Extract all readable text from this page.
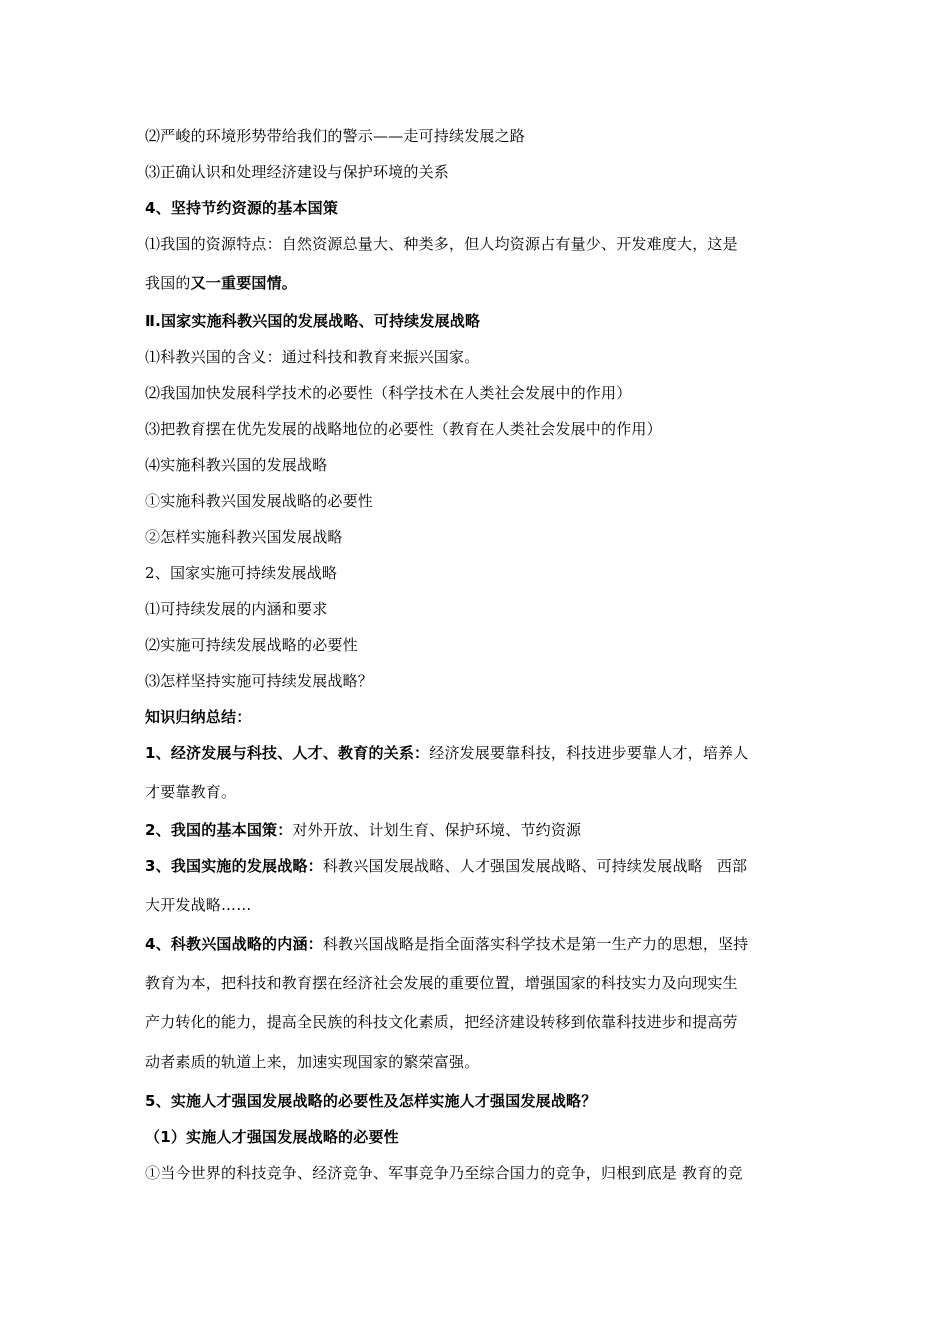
⑵严峻的环境形势带给我们的警示——走可持续发展之路
⑶正确认识和处理经济建设与保护环境的关系
4、坚持节约资源的基本国策
⑴我国的资源特点：自然资源总量大、种类多，但人均资源占有量少、开发难度大，这是
我国的又一重要国情。
Ⅱ.国家实施科教兴国的发展战略、可持续发展战略
⑴科教兴国的含义：通过科技和教育来振兴国家。
⑵我国加快发展科学技术的必要性（科学技术在人类社会发展中的作用）
⑶把教育摆在优先发展的战略地位的必要性（教育在人类社会发展中的作用）
⑷实施科教兴国的发展战略
①实施科教兴国发展战略的必要性
②怎样实施科教兴国发展战略
2、国家实施可持续发展战略
⑴可持续发展的内涵和要求
⑵实施可持续发展战略的必要性
⑶怎样坚持实施可持续发展战略？
知识归纳总结：
1、经济发展与科技、人才、教育的关系：经济发展要靠科技，科技进步要靠人才，培养人
才要靠教育。
2、我国的基本国策：对外开放、计划生育、保护环境、节约资源
3、我国实施的发展战略：科教兴国发展战略、人才强国发展战略、可持续发展战略 西部
大开发战略……
4、科教兴国战略的内涵：科教兴国战略是指全面落实科学技术是第一生产力的思想，坚持
教育为本，把科技和教育摆在经济社会发展的重要位置，增强国家的科技实力及向现实生
产力转化的能力，提高全民族的科技文化素质，把经济建设转移到依靠科技进步和提高劳
动者素质的轨道上来，加速实现国家的繁荣富强。
5、实施人才强国发展战略的必要性及怎样实施人才强国发展战略？
（1）实施人才强国发展战略的必要性
①当今世界的科技竞争、经济竞争、军事竞争乃至综合国力的竞争，归根到底是 教育的竞
